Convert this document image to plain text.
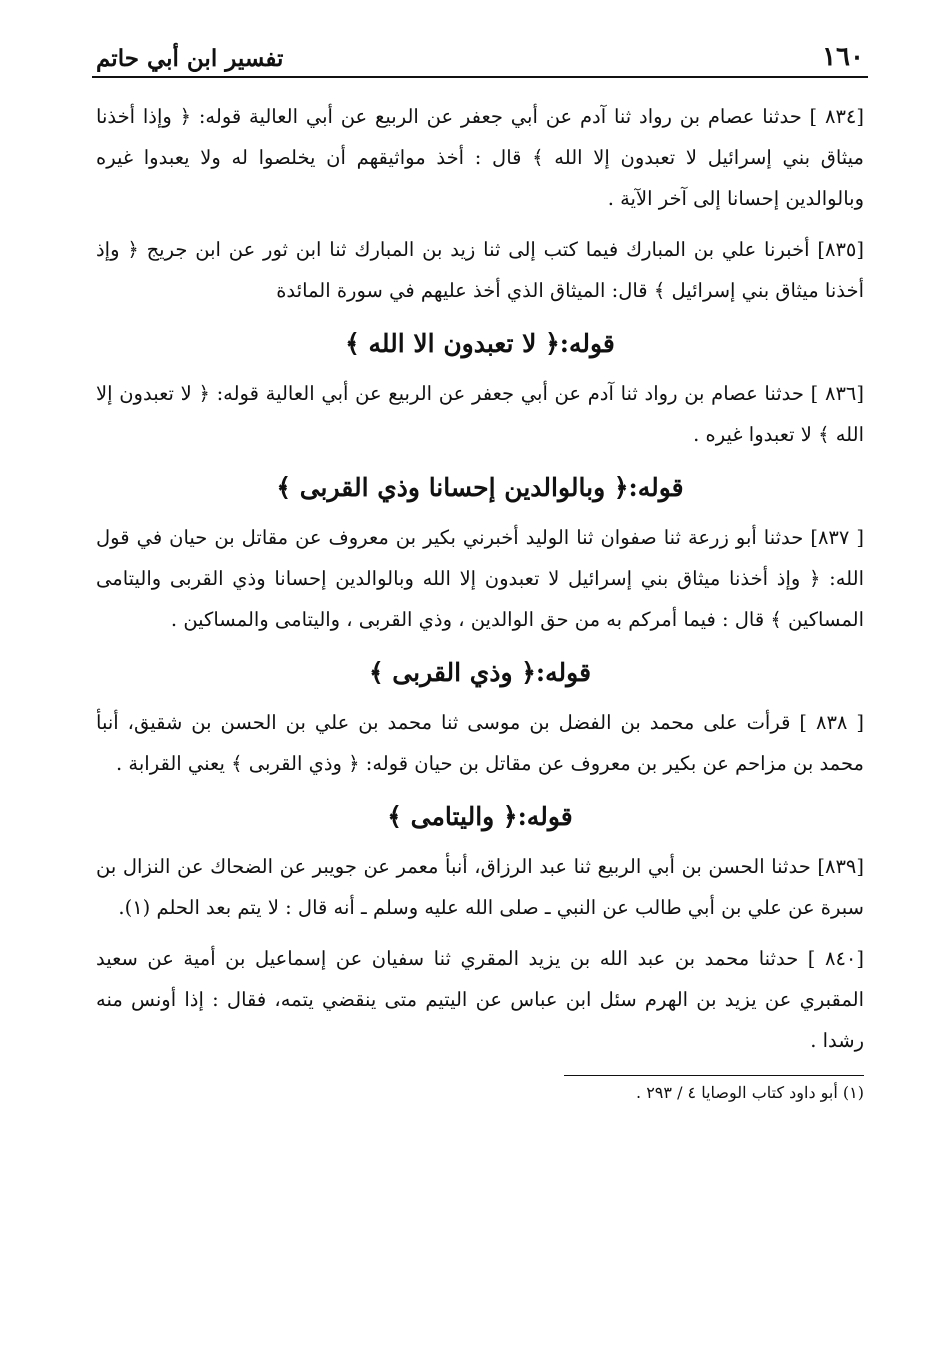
١٦٠
تفسير ابن أبي حاتم

[٨٣٤ ] حدثنا عصام بن رواد ثنا آدم عن أبي جعفر عن الربيع عن أبي العالية قوله: ﴿ وإذا أخذنا ميثاق بني إسرائيل لا تعبدون إلا الله ﴾ قال : أخذ مواثيقهم أن يخلصوا له ولا يعبدوا غيره وبالوالدين إحسانا إلى آخر الآية .

[٨٣٥] أخبرنا علي بن المبارك فيما كتب إلى ثنا زيد بن المبارك ثنا ابن ثور عن ابن جريج ﴿ وإذ أخذنا ميثاق بني إسرائيل ﴾ قال: الميثاق الذي أخذ عليهم في سورة المائدة

قوله:﴿ لا تعبدون الا الله ﴾

[٨٣٦ ] حدثنا عصام بن رواد ثنا آدم عن أبي جعفر عن الربيع عن أبي العالية قوله: ﴿ لا تعبدون إلا الله ﴾ لا تعبدوا غيره .

قوله:﴿ وبالوالدين إحسانا وذي القربى ﴾

[ ٨٣٧] حدثنا أبو زرعة ثنا صفوان ثنا الوليد أخبرني بكير بن معروف عن مقاتل بن حيان في قول الله: ﴿ وإذ أخذنا ميثاق بني إسرائيل لا تعبدون إلا الله وبالوالدين إحسانا وذي القربى واليتامى المساكين ﴾ قال : فيما أمركم به من حق الوالدين ، وذي القربى ، واليتامى والمساكين .

قوله:﴿ وذي القربى ﴾

[ ٨٣٨ ] قرأت على محمد بن الفضل بن موسى ثنا محمد بن علي بن الحسن بن شقيق، أنبأ محمد بن مزاحم عن بكير بن معروف عن مقاتل بن حيان قوله: ﴿ وذي القربى ﴾ يعني القرابة .

قوله:﴿ واليتامى ﴾

[٨٣٩] حدثنا الحسن بن أبي الربيع ثنا عبد الرزاق، أنبأ معمر عن جويبر عن الضحاك عن النزال بن سبرة عن علي بن أبي طالب عن النبي ـ صلى الله عليه وسلم ـ أنه قال : لا يتم بعد الحلم (١).

[٨٤٠ ] حدثنا محمد بن عبد الله بن يزيد المقري ثنا سفيان عن إسماعيل بن أمية عن سعيد المقبري عن يزيد بن الهرم سئل ابن عباس عن اليتيم متى ينقضي يتمه، فقال : إذا أونس منه رشدا .

(١) أبو داود كتاب الوصايا ٤ / ٢٩٣ .
